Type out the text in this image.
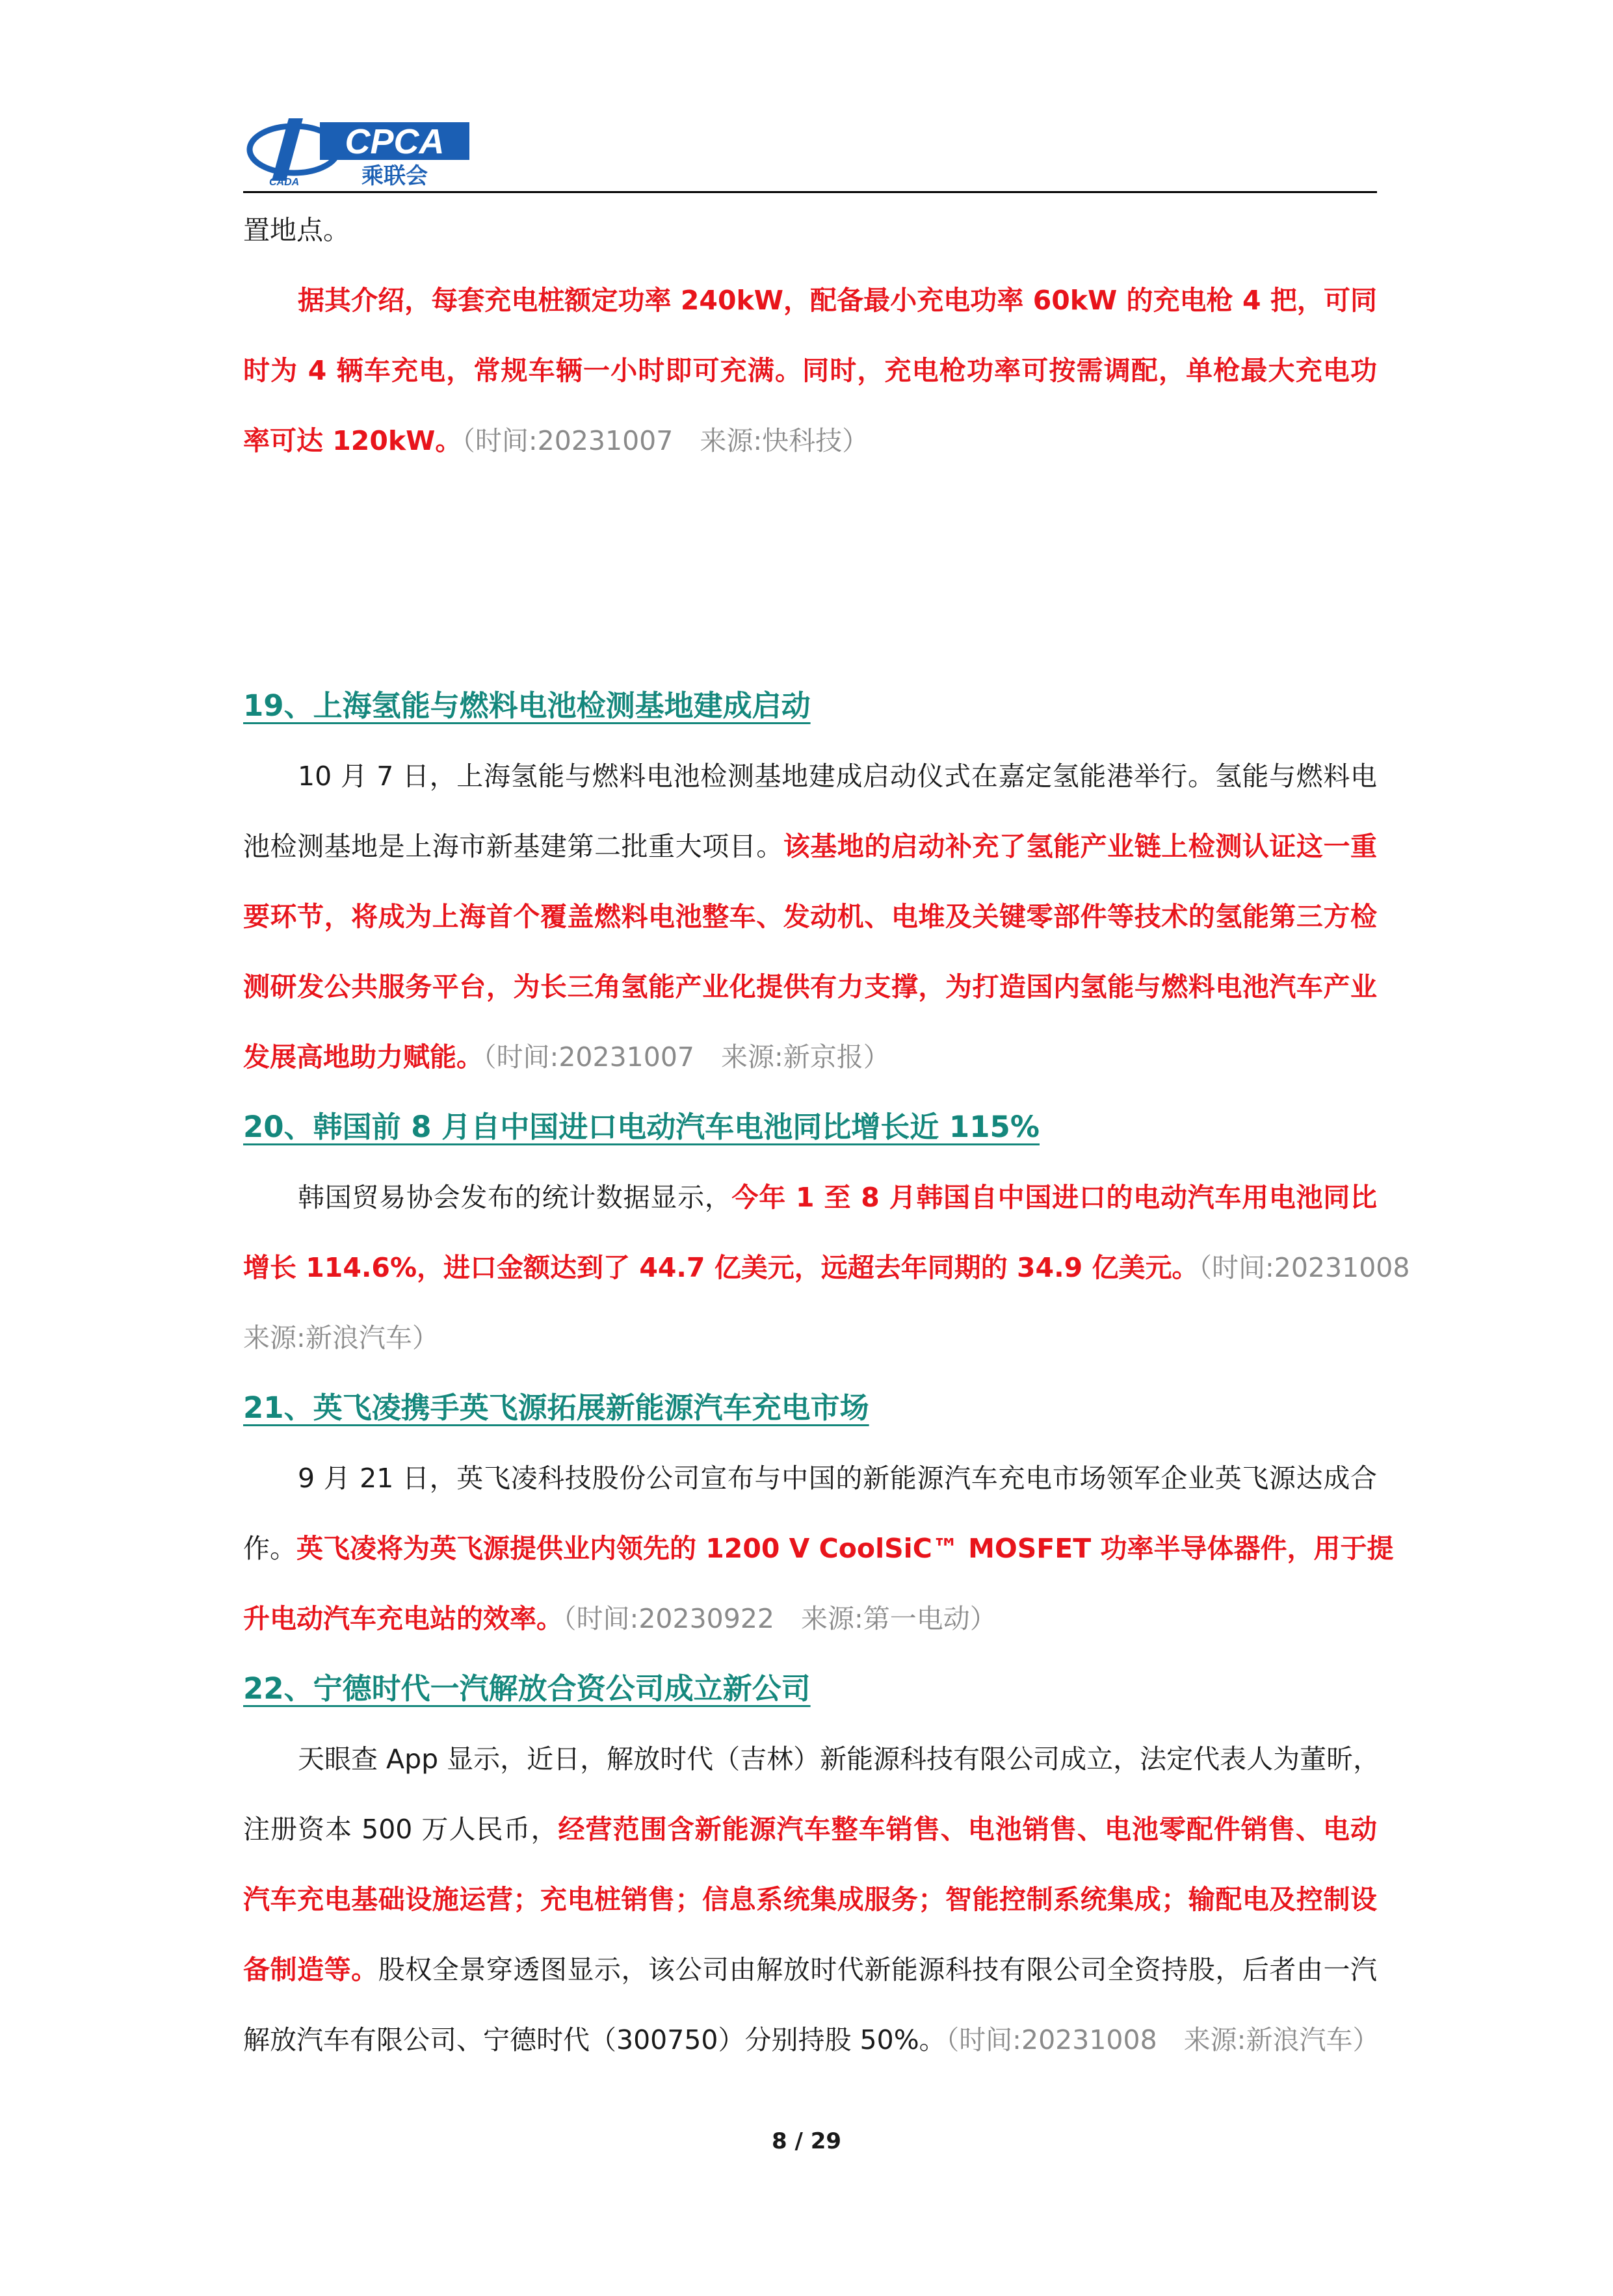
CPCA
乘联会
CADA

置地点。

据其介绍，每套充电桩额定功率 240kW，配备最小充电功率 60kW 的充电枪 4 把，可同

时为 4 辆车充电，常规车辆一小时即可充满。同时，充电枪功率可按需调配，单枪最大充电功

率可达 120kW。（时间:20231007　来源:快科技）

19、上海氢能与燃料电池检测基地建成启动

10 月 7 日，上海氢能与燃料电池检测基地建成启动仪式在嘉定氢能港举行。氢能与燃料电

池检测基地是上海市新基建第二批重大项目。该基地的启动补充了氢能产业链上检测认证这一重

要环节，将成为上海首个覆盖燃料电池整车、发动机、电堆及关键零部件等技术的氢能第三方检

测研发公共服务平台，为长三角氢能产业化提供有力支撑，为打造国内氢能与燃料电池汽车产业

发展高地助力赋能。（时间:20231007　来源:新京报）

20、韩国前 8 月自中国进口电动汽车电池同比增长近 115%

韩国贸易协会发布的统计数据显示，今年 1 至 8 月韩国自中国进口的电动汽车用电池同比

增长 114.6%，进口金额达到了 44.7 亿美元，远超去年同期的 34.9 亿美元。（时间:20231008

来源:新浪汽车）

21、英飞凌携手英飞源拓展新能源汽车充电市场

9 月 21 日，英飞凌科技股份公司宣布与中国的新能源汽车充电市场领军企业英飞源达成合

作。英飞凌将为英飞源提供业内领先的 1200 V CoolSiC™ MOSFET 功率半导体器件，用于提

升电动汽车充电站的效率。（时间:20230922　来源:第一电动）

22、宁德时代一汽解放合资公司成立新公司

天眼查 App 显示，近日，解放时代（吉林）新能源科技有限公司成立，法定代表人为董昕，

注册资本 500 万人民币，经营范围含新能源汽车整车销售、电池销售、电池零配件销售、电动

汽车充电基础设施运营；充电桩销售；信息系统集成服务；智能控制系统集成；输配电及控制设

备制造等。股权全景穿透图显示，该公司由解放时代新能源科技有限公司全资持股，后者由一汽

解放汽车有限公司、宁德时代（300750）分别持股 50%。（时间:20231008　来源:新浪汽车）

8 / 29
